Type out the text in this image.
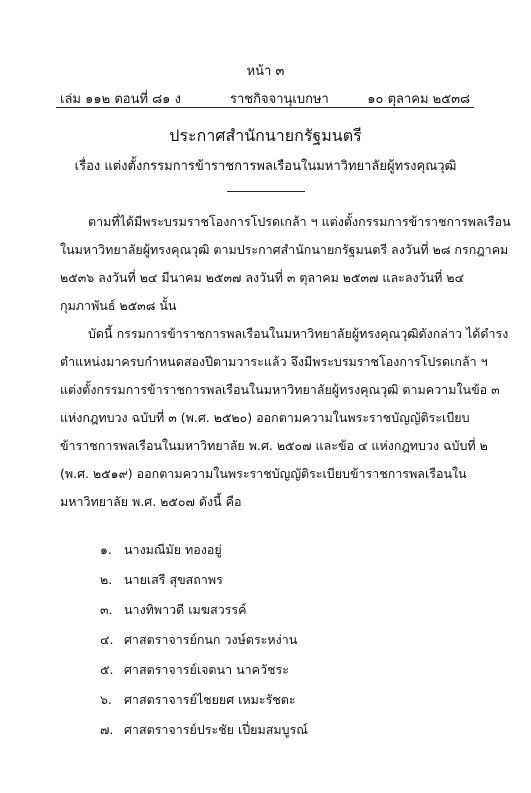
หน้า ๓
เล่ม ๑๑๒ ตอนที่ ๘๑ ง	ราชกิจจานุเบกษา	๑๐ ตุลาคม ๒๕๓๘
ประกาศสำนักนายกรัฐมนตรี
เรื่อง แต่งตั้งกรรมการข้าราชการพลเรือนในมหาวิทยาลัยผู้ทรงคุณวุฒิ
ตามที่ได้มีพระบรมราชโองการโปรดเกล้า ฯ แต่งตั้งกรรมการข้าราชการพลเรือน
ในมหาวิทยาลัยผู้ทรงคุณวุฒิ ตามประกาศสำนักนายกรัฐมนตรี ลงวันที่ ๒๘ กรกฎาคม
๒๕๓๖ ลงวันที่ ๒๔ มีนาคม ๒๕๓๗ ลงวันที่ ๓ ตุลาคม ๒๕๓๗ และลงวันที่ ๒๔
กุมภาพันธ์ ๒๕๓๘ นั้น
บัดนี้ กรรมการข้าราชการพลเรือนในมหาวิทยาลัยผู้ทรงคุณวุฒิดังกล่าว ได้ดำรง
ตำแหน่งมาครบกำหนดสองปีตามวาระแล้ว จึงมีพระบรมราชโองการโปรดเกล้า ฯ
แต่งตั้งกรรมการข้าราชการพลเรือนในมหาวิทยาลัยผู้ทรงคุณวุฒิ ตามความในข้อ ๓
แห่งกฎทบวง ฉบับที่ ๓ (พ.ศ. ๒๕๒๐) ออกตามความในพระราชบัญญัติระเบียบ
ข้าราชการพลเรือนในมหาวิทยาลัย พ.ศ. ๒๕๐๗ และข้อ ๔ แห่งกฎทบวง ฉบับที่ ๒
(พ.ศ. ๒๕๑๙) ออกตามความในพระราชบัญญัติระเบียบข้าราชการพลเรือนใน
มหาวิทยาลัย พ.ศ. ๒๕๐๗ ดังนี้ คือ
๑. นางมณีมัย ทองอยู่
๒. นายเสรี สุขสถาพร
๓. นางทิพาวดี เมฆสวรรค์
๔. ศาสตราจารย์กนก วงษ์ตระหง่าน
๕. ศาสตราจารย์เจตนา นาควัชระ
๖. ศาสตราจารย์ไชยยศ เหมะรัชตะ
๗. ศาสตราจารย์ประชัย เปี่ยมสมบูรณ์
